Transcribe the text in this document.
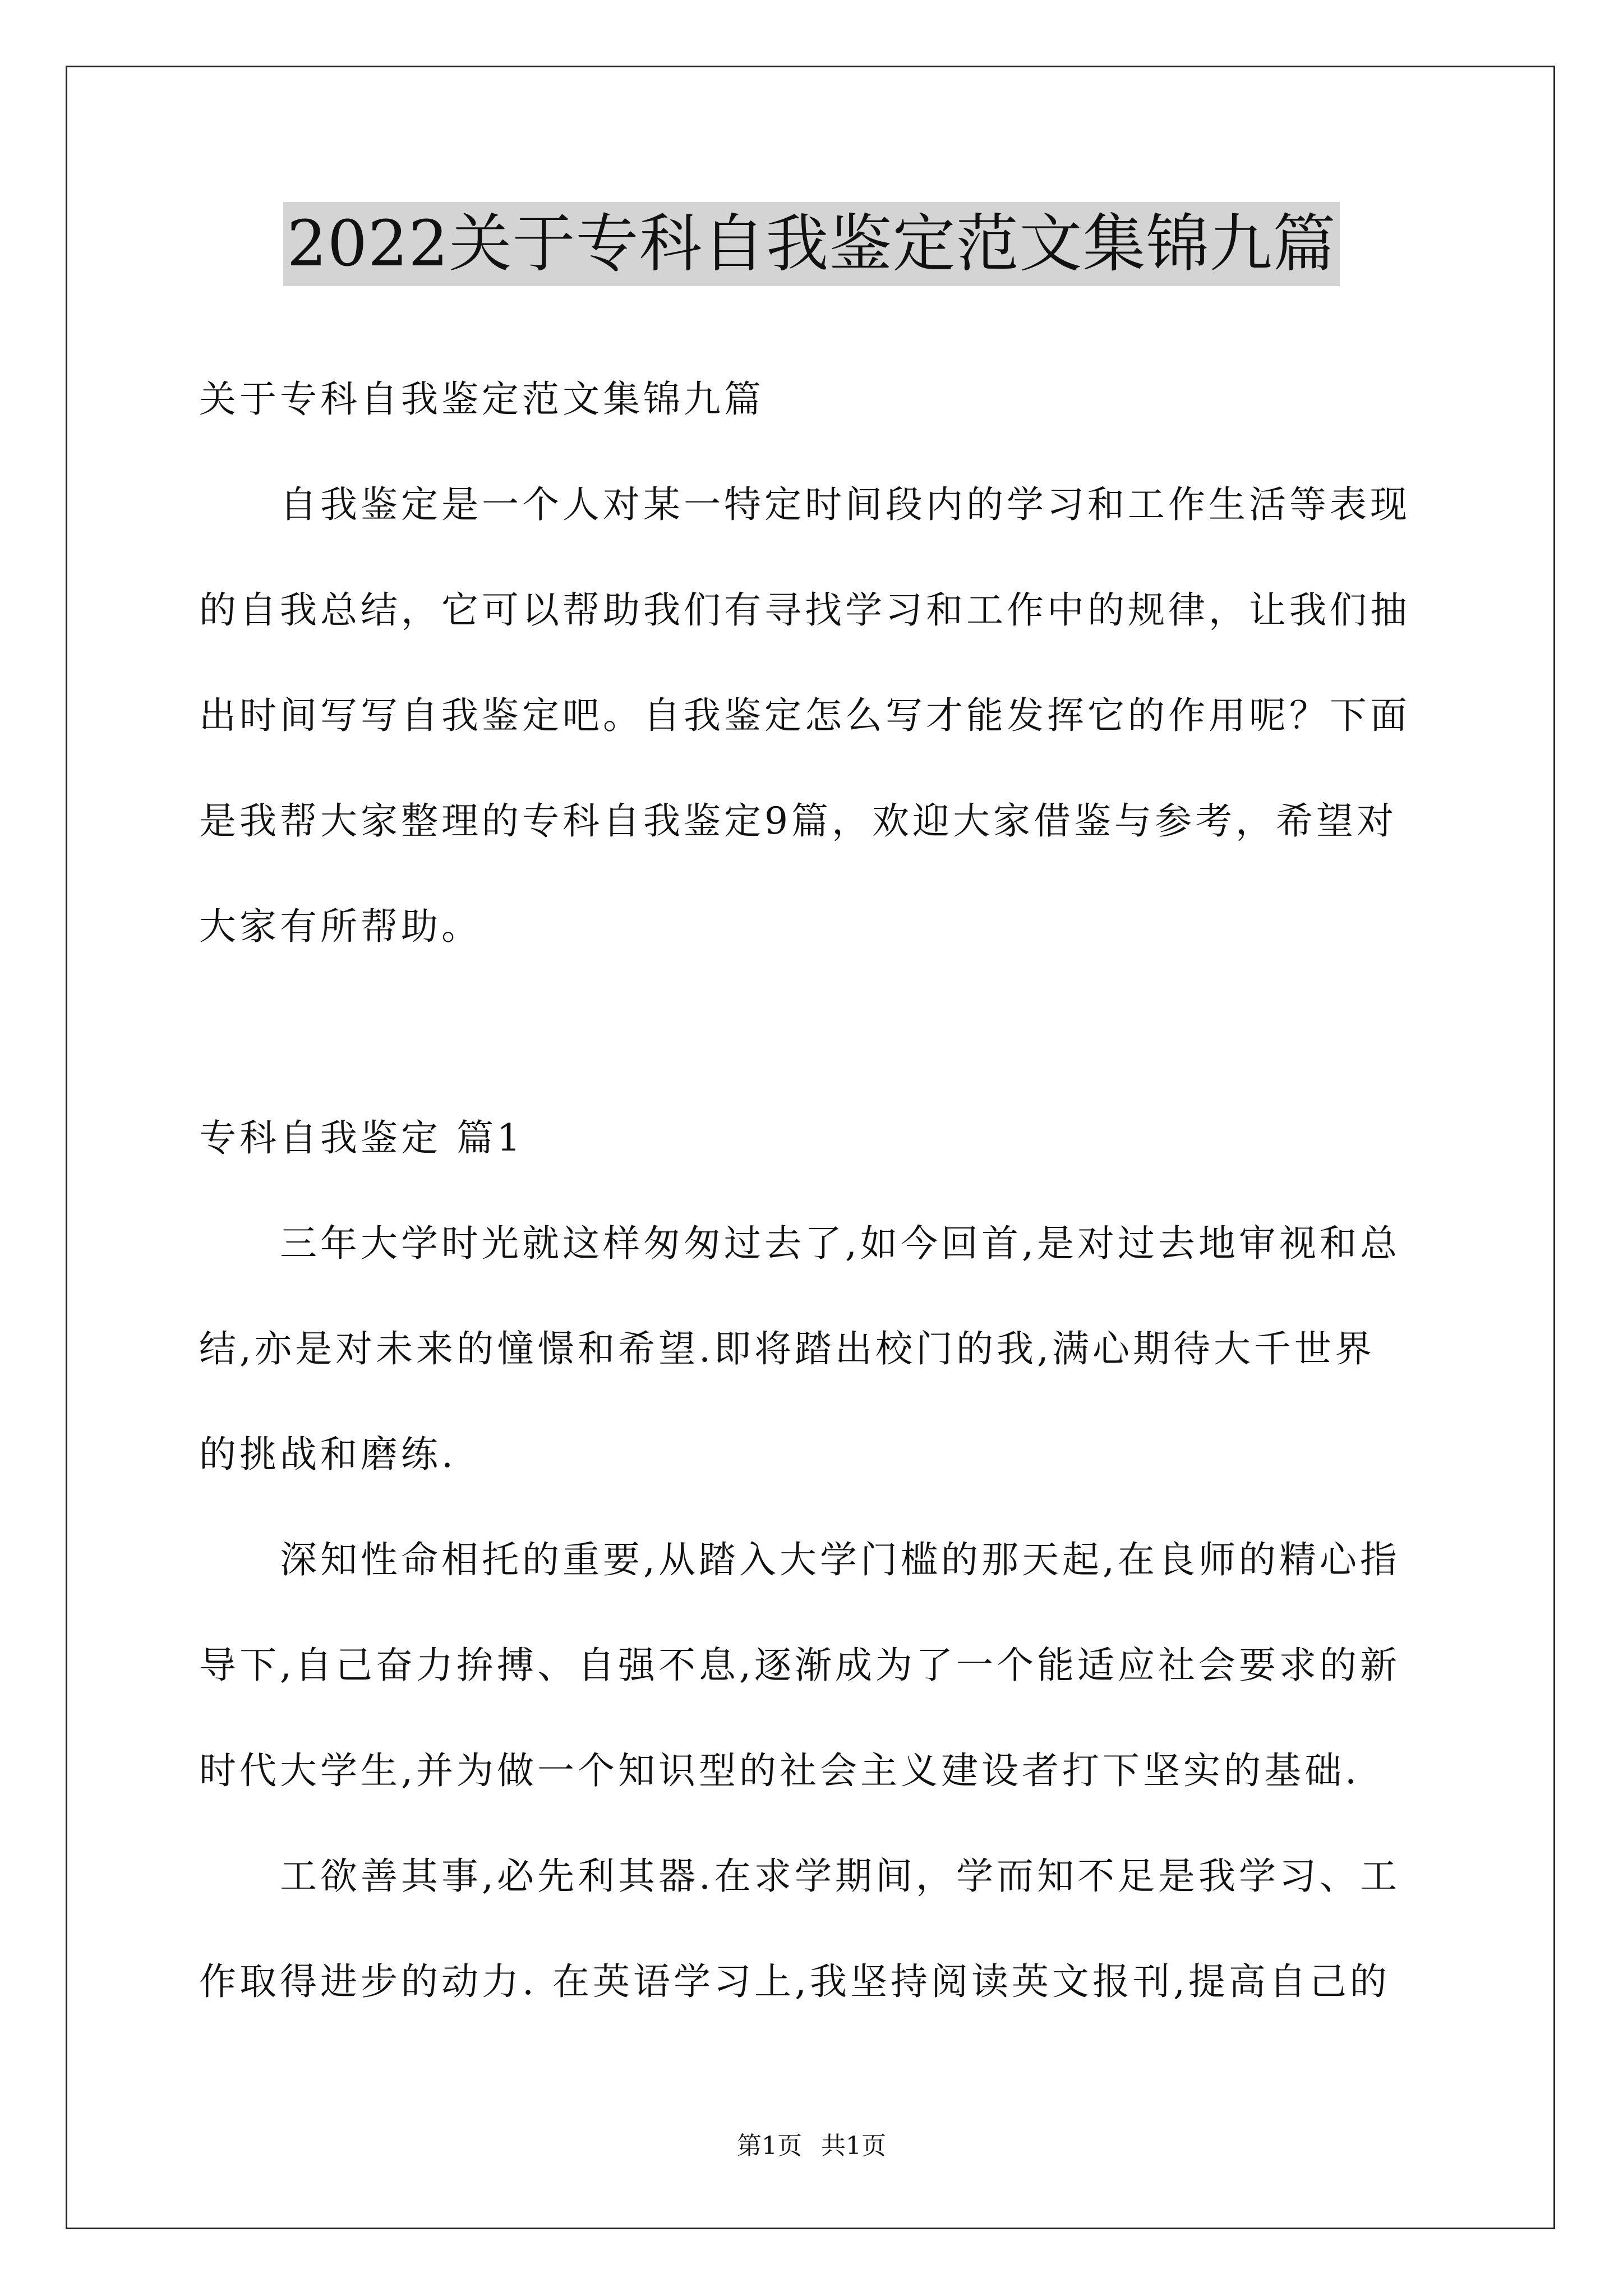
2022关于专科自我鉴定范文集锦九篇
关于专科自我鉴定范文集锦九篇
　　自我鉴定是一个人对某一特定时间段内的学习和工作生活等表现
的自我总结，它可以帮助我们有寻找学习和工作中的规律，让我们抽
出时间写写自我鉴定吧。自我鉴定怎么写才能发挥它的作用呢？下面
是我帮大家整理的专科自我鉴定9篇，欢迎大家借鉴与参考，希望对
大家有所帮助。
专科自我鉴定 篇1
　　三年大学时光就这样匆匆过去了,如今回首,是对过去地审视和总
结,亦是对未来的憧憬和希望.即将踏出校门的我,满心期待大千世界
的挑战和磨练.
　　深知性命相托的重要,从踏入大学门槛的那天起,在良师的精心指
导下,自己奋力拚搏、自强不息,逐渐成为了一个能适应社会要求的新
时代大学生,并为做一个知识型的社会主义建设者打下坚实的基础.
　　工欲善其事,必先利其器.在求学期间，学而知不足是我学习、工
作取得进步的动力. 在英语学习上,我坚持阅读英文报刊,提高自己的
第1页 共1页
